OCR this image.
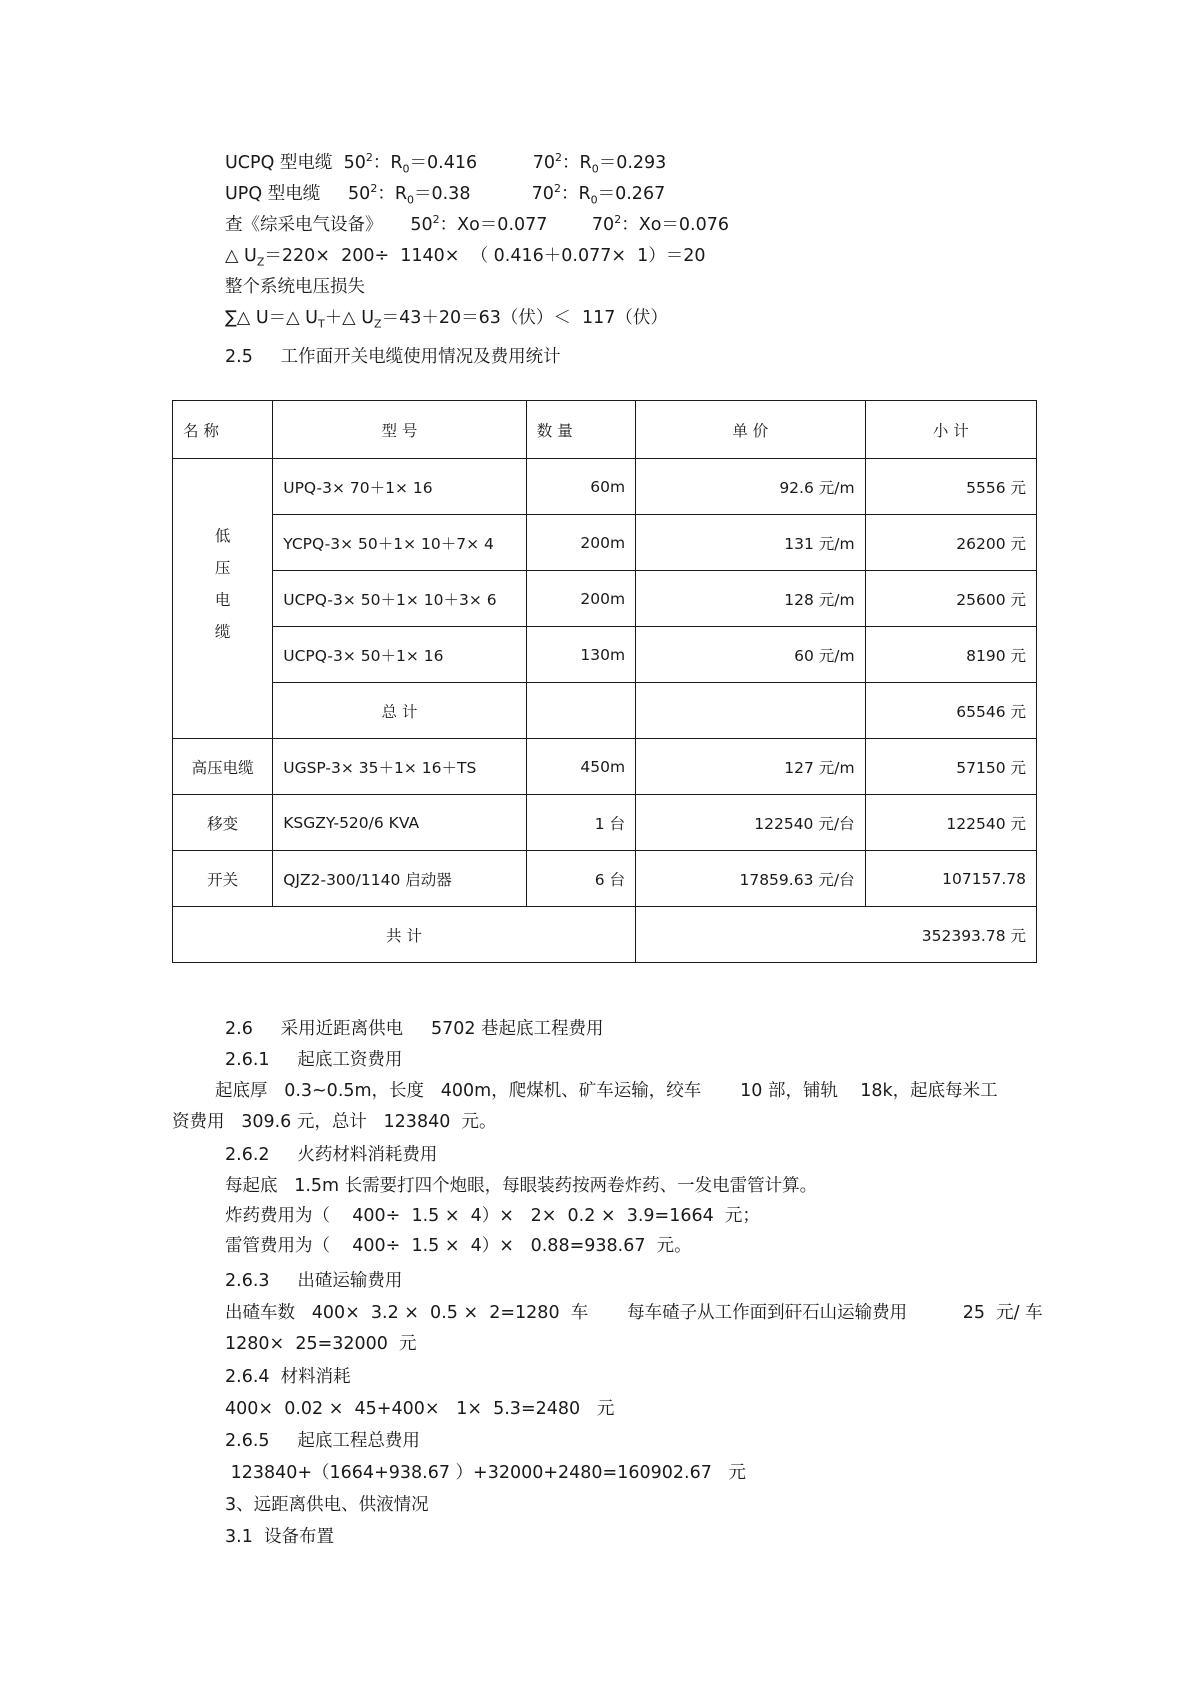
UCPQ 型电缆 $50^2$：$R_0=0.416$	$70^2$：$R_0=0.293$
UPQ 型电缆 $50^2$：$R_0=0.38$	$70^2$：$R_0=0.267$
查《综采电气设备》 $50^2$：Xo＝0.077	$70^2$：Xo＝0.076
△ $U_Z=220\times 200\div 1140\times$  （ 0.416＋0.077×  1）＝20
整个系统电压损失
∑△ U＝△ $U_T+\triangle$ $U_Z=43+20=63$（伏）＜  117（伏）
2.5     工作面开关电缆使用情况及费用统计
名 称	型 号	数 量	单 价	小 计

低
压
电
缆	UPQ-3× 70＋1× 16	60m	92.6 元/m	5556 元
	YCPQ-3× 50＋1× 10＋7× 4	200m	131 元/m	26200 元
	UCPQ-3× 50＋1× 10＋3× 6	200m	128 元/m	25600 元
	UCPQ-3× 50＋1× 16	130m	60 元/m	8190 元
	总 计			65546 元
高压电缆	UGSP-3× 35＋1× 16＋TS	450m	127 元/m	57150 元
移变	KSGZY-520/6 KVA	1 台	122540 元/台	122540 元
开关	QJZ2-300/1140 启动器	6 台	17859.63 元/台	107157.78
共 计			352393.78 元	
2.6     采用近距离供电     5702 巷起底工程费用
2.6.1     起底工资费用
起底厚   0.3~0.5m，长度   400m，爬煤机、矿车运输，绞车       10 部，铺轨    18k，起底每米工
资费用   309.6 元，总计   123840  元。
2.6.2     火药材料消耗费用
每起底   1.5m 长需要打四个炮眼，每眼装药按两卷炸药、一发电雷管计算。
炸药费用为（    400÷  1.5 ×  4）×   2×  0.2 ×  3.9=1664  元；
雷管费用为（    400÷  1.5 ×  4）×   0.88=938.67  元。
2.6.3     出碴运输费用
出碴车数   400×  3.2 ×  0.5 ×  2=1280  车       每车碴子从工作面到矸石山运输费用          25  元/ 车
1280×  25=32000  元
2.6.4  材料消耗
400×  0.02 ×  45+400×   1×  5.3=2480   元
2.6.5     起底工程总费用
123840+（1664+938.67 ）+32000+2480=160902.67   元
3、远距离供电、供液情况
3.1  设备布置
